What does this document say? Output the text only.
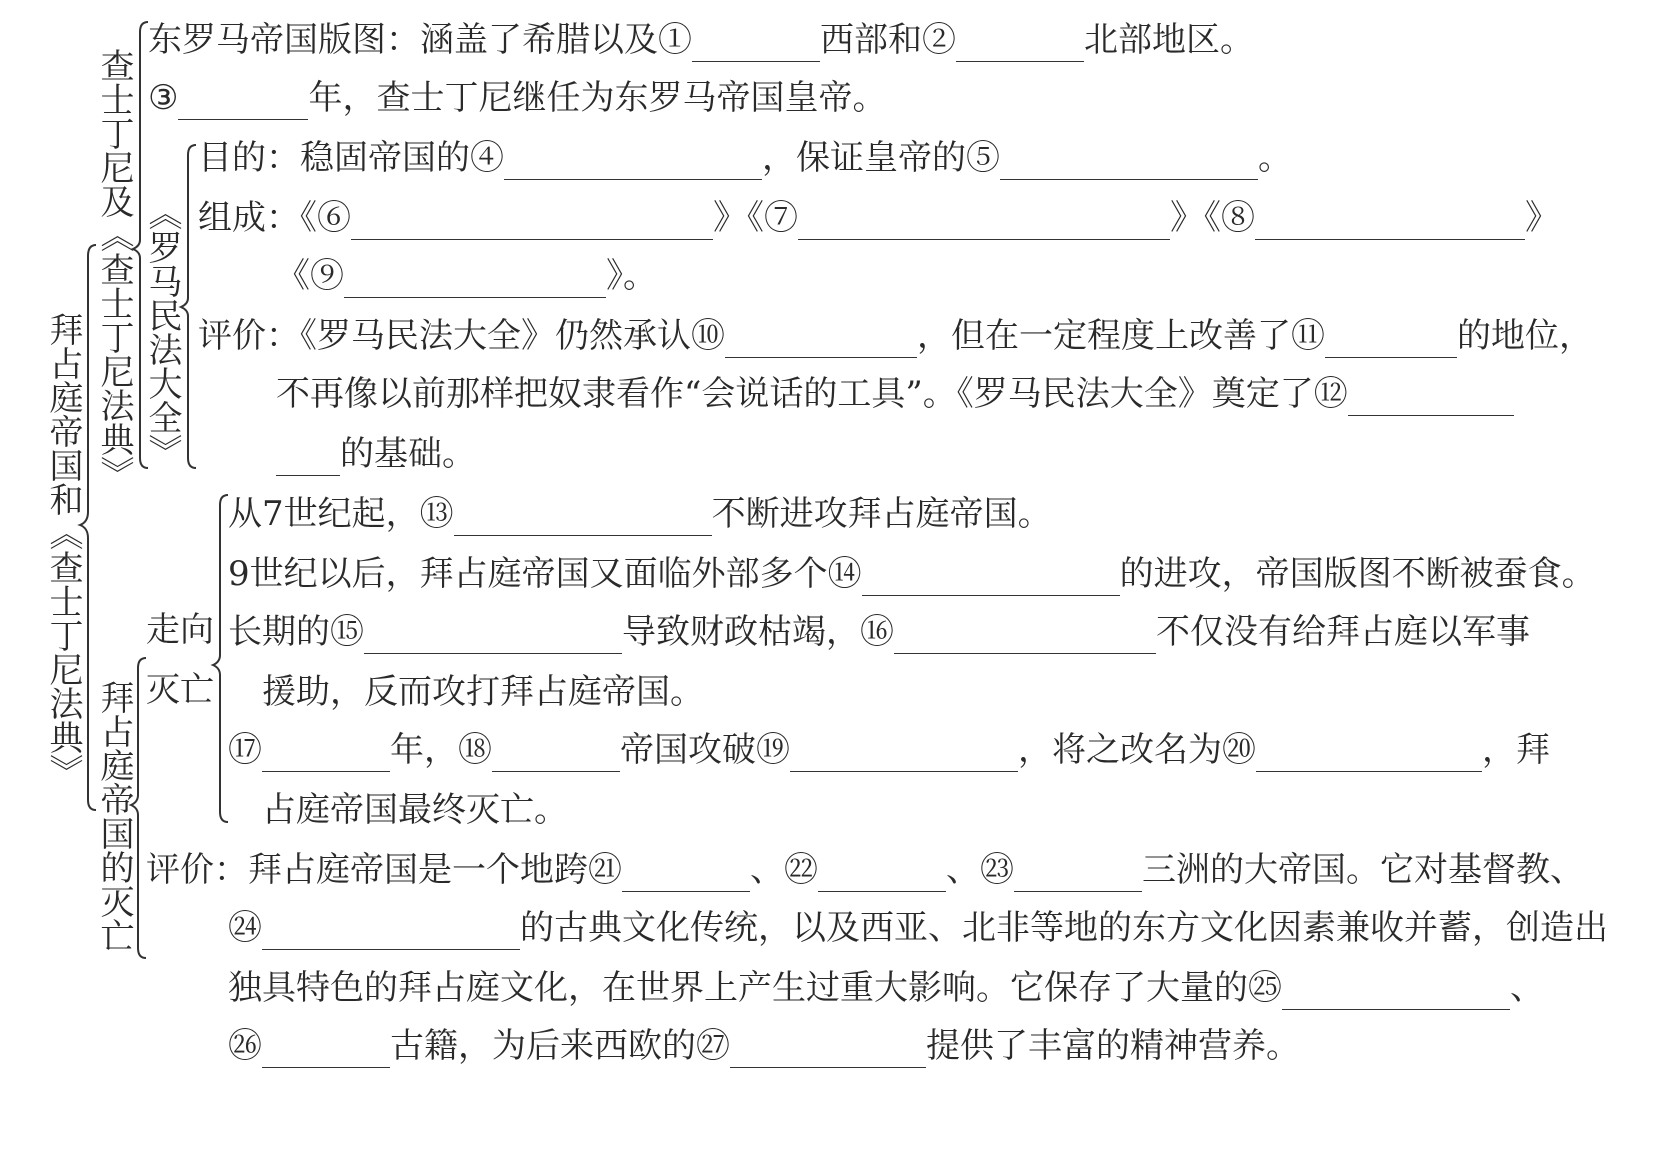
拜占庭帝国和《查士丁尼法典》
查士丁尼及《查士丁尼法典》 《罗马民法大全》
拜占庭帝国的灭亡
走向
灭亡
东罗马帝国版图：涵盖了希腊以及①	西部和②	北部地区。
③	年，查士丁尼继任为东罗马帝国皇帝。
目的：稳固帝国的④	，保证皇帝的⑤	。
组成：《⑥	》《⑦	》《⑧	》
《⑨	》。
评价：《罗马民法大全》仍然承认⑩	，但在一定程度上改善了⑪	的地位，
不再像以前那样把奴隶看作“会说话的工具”。《罗马民法大全》奠定了⑫
的基础。
从7世纪起，⑬	不断进攻拜占庭帝国。
9世纪以后，拜占庭帝国又面临外部多个⑭	的进攻，帝国版图不断被蚕食。
长期的⑮	导致财政枯竭，⑯	不仅没有给拜占庭以军事
援助，反而攻打拜占庭帝国。
⑰	年，⑱	帝国攻破⑲	，将之改名为⑳	，拜
占庭帝国最终灭亡。
评价：拜占庭帝国是一个地跨㉑	、㉒	、㉓	三洲的大帝国。它对基督教、
㉔	的古典文化传统，以及西亚、北非等地的东方文化因素兼收并蓄，创造出
独具特色的拜占庭文化，在世界上产生过重大影响。它保存了大量的㉕	、
㉖	古籍，为后来西欧的㉗	提供了丰富的精神营养。
